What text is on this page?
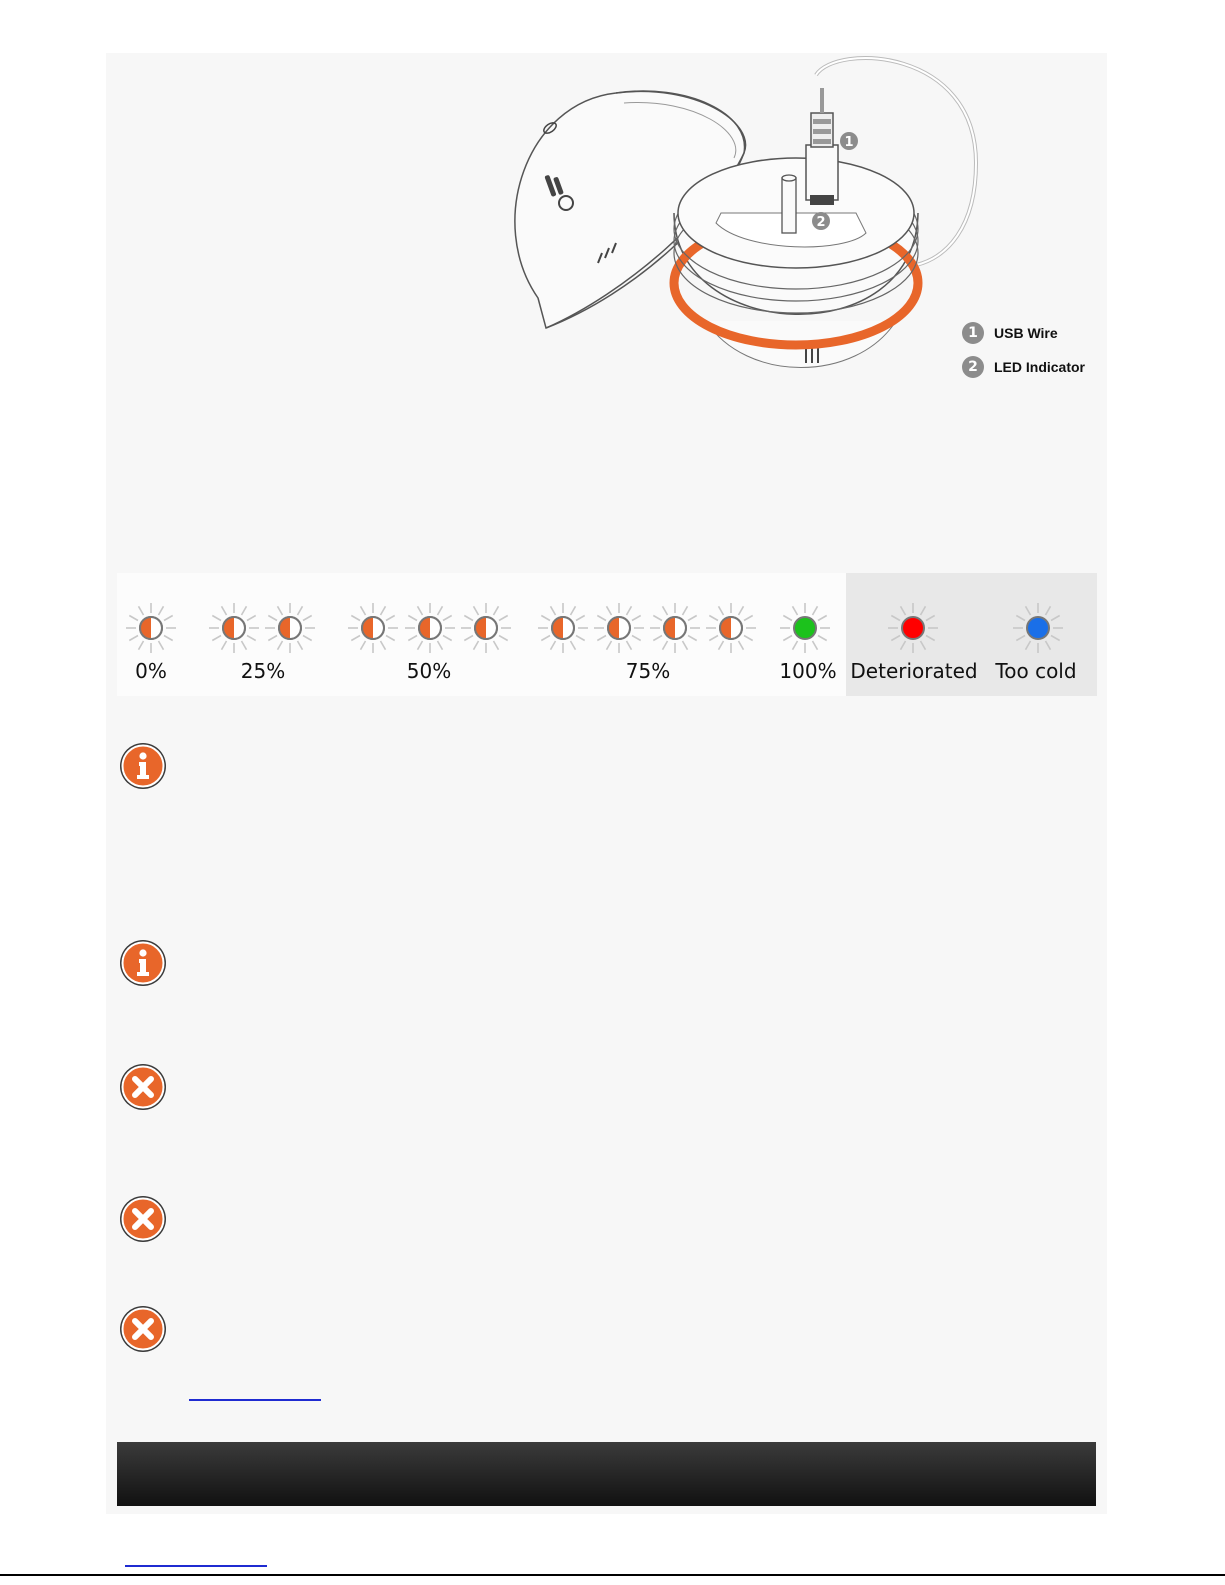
1
2
1	USB Wire
2	LED Indicator
0%	25%	50%	75%	100% Deteriorated Too cold
